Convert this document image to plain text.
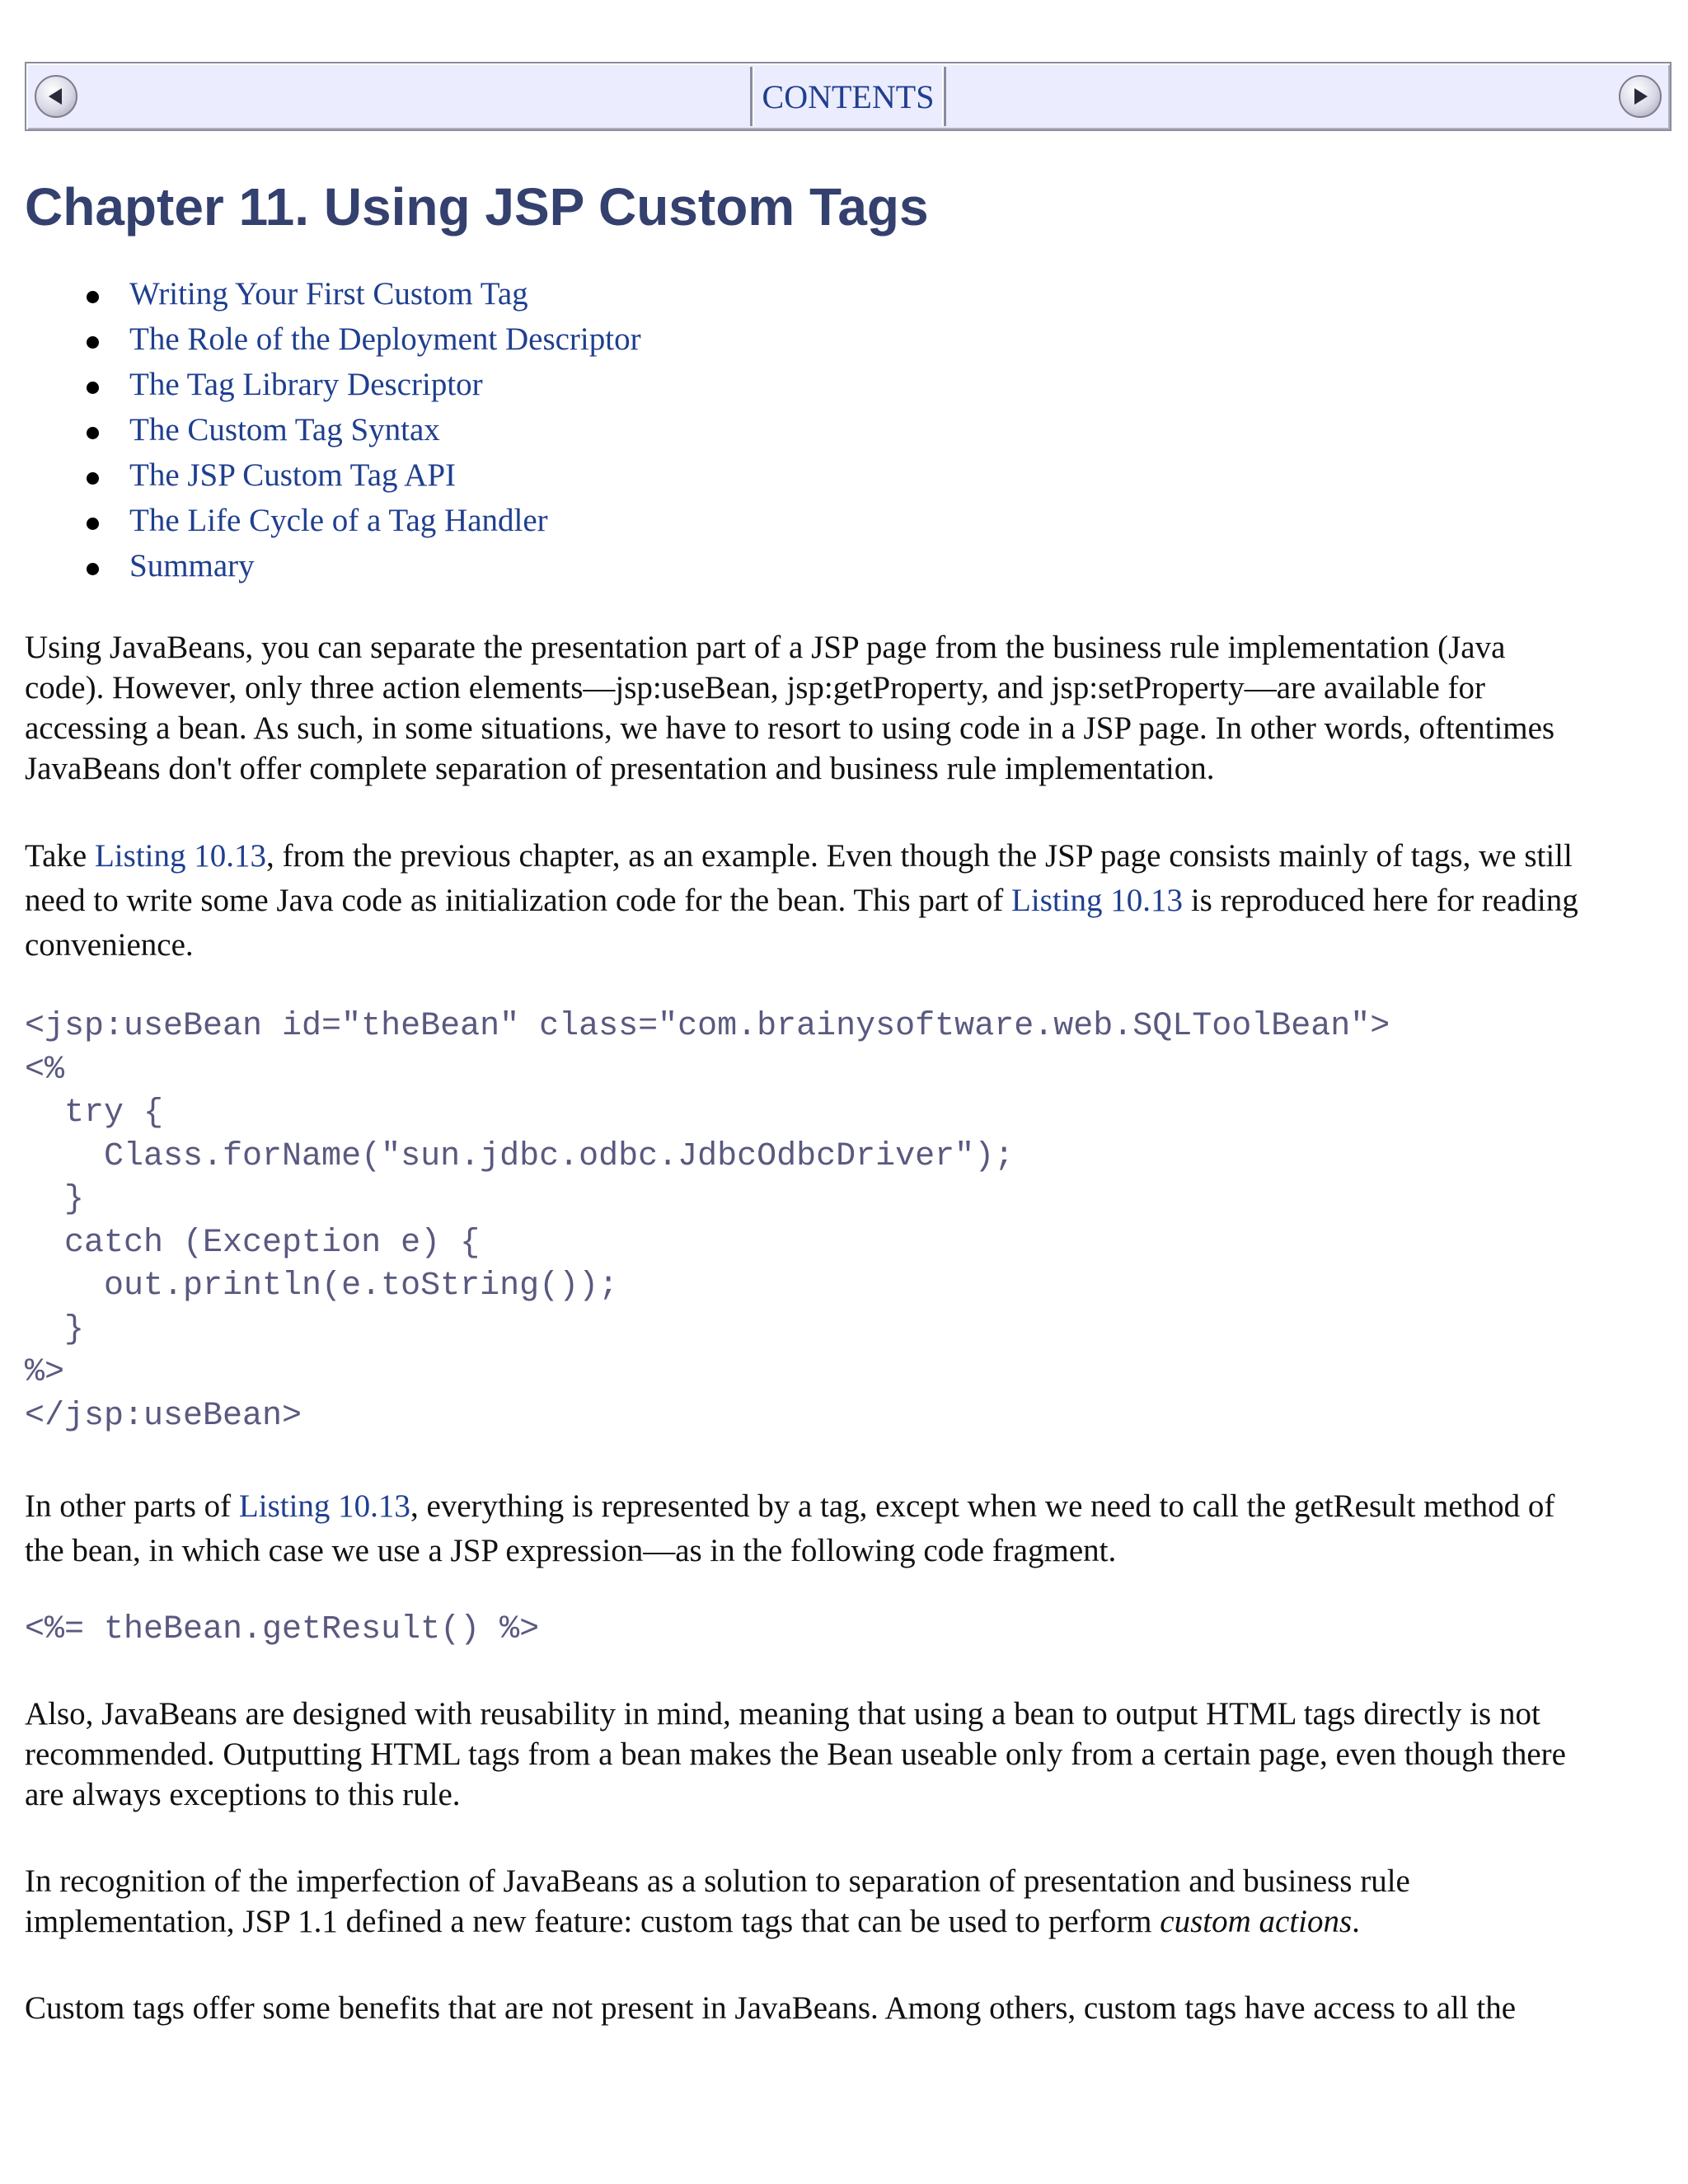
CONTENTS
Chapter 11. Using JSP Custom Tags
Writing Your First Custom Tag
The Role of the Deployment Descriptor
The Tag Library Descriptor
The Custom Tag Syntax
The JSP Custom Tag API
The Life Cycle of a Tag Handler
Summary

Using JavaBeans, you can separate the presentation part of a JSP page from the business rule implementation (Java
code). However, only three action elements—jsp:useBean, jsp:getProperty, and jsp:setProperty—are available for
accessing a bean. As such, in some situations, we have to resort to using code in a JSP page. In other words, oftentimes
JavaBeans don't offer complete separation of presentation and business rule implementation.

Take Listing 10.13, from the previous chapter, as an example. Even though the JSP page consists mainly of tags, we still
need to write some Java code as initialization code for the bean. This part of Listing 10.13 is reproduced here for reading
convenience.

<jsp:useBean id="theBean" class="com.brainysoftware.web.SQLToolBean">
<%
try {
Class.forName("sun.jdbc.odbc.JdbcOdbcDriver");
}
catch (Exception e) {
out.println(e.toString());
}
%>
</jsp:useBean>

In other parts of Listing 10.13, everything is represented by a tag, except when we need to call the getResult method of
the bean, in which case we use a JSP expression—as in the following code fragment.

<%= theBean.getResult() %>

Also, JavaBeans are designed with reusability in mind, meaning that using a bean to output HTML tags directly is not
recommended. Outputting HTML tags from a bean makes the Bean useable only from a certain page, even though there
are always exceptions to this rule.

In recognition of the imperfection of JavaBeans as a solution to separation of presentation and business rule
implementation, JSP 1.1 defined a new feature: custom tags that can be used to perform custom actions.

Custom tags offer some benefits that are not present in JavaBeans. Among others, custom tags have access to all the
